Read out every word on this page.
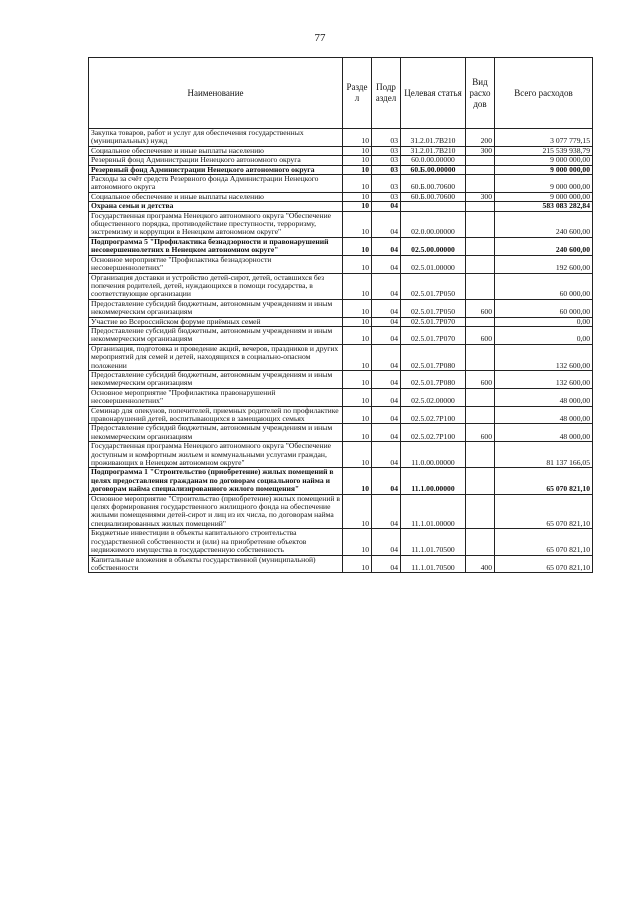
77
Наименование	Разде л	Подр аздел	Целевая статья	Вид расхо дов	Всего расходов
Закупка товаров, работ и услуг для обеспечения государственных (муниципальных) нужд	10	03	31.2.01.7В210	200	3 077 779,15
Социальное обеспечение и иные выплаты населению	10	03	31.2.01.7В210	300	215 539 938,79
Резервный фонд Администрации Ненецкого автономного округа	10	03	60.0.00.00000		9 000 000,00
Резервный фонд Администрации Ненецкого автономного округа	10	03	60.Б.00.00000		9 000 000,00
Расходы за счёт средств Резервного фонда Администрации Ненецкого автономного округа	10	03	60.Б.00.70600		9 000 000,00
Социальное обеспечение и иные выплаты населению	10	03	60.Б.00.70600	300	9 000 000,00
Охрана семьи и детства	10	04			583 083 282,84
Государственная программа Ненецкого автономного округа "Обеспечение общественного порядка, противодействие преступности, терроризму, экстремизму и коррупции в Ненецком автономном округе"	10	04	02.0.00.00000		240 600,00
Подпрограмма 5 "Профилактика безнадзорности и правонарушений несовершеннолетних в Ненецком автономном округе"	10	04	02.5.00.00000		240 600,00
Основное мероприятие "Профилактика безнадзорности несовершеннолетних"	10	04	02.5.01.00000		192 600,00
Организация доставки и устройство детей-сирот, детей, оставшихся без попечения родителей, детей, нуждающихся в помощи государства, в соответствующие организации	10	04	02.5.01.7Р050		60 000,00
Предоставление субсидий бюджетным, автономным учреждениям и иным некоммерческим организациям	10	04	02.5.01.7Р050	600	60 000,00
Участие во Всероссийском форуме приёмных семей	10	04	02.5.01.7Р070		0,00
Предоставление субсидий бюджетным, автономным учреждениям и иным некоммерческим организациям	10	04	02.5.01.7Р070	600	0,00
Организация, подготовка и проведение акций, вечеров, праздников и других мероприятий для семей и детей, находящихся в социально-опасном положении	10	04	02.5.01.7Р080		132 600,00
Предоставление субсидий бюджетным, автономным учреждениям и иным некоммерческим организациям	10	04	02.5.01.7Р080	600	132 600,00
Основное мероприятие "Профилактика правонарушений несовершеннолетних"	10	04	02.5.02.00000		48 000,00
Семинар для опекунов, попечителей, приемных родителей по профилактике правонарушений детей, воспитывающихся в замещающих семьях	10	04	02.5.02.7Р100		48 000,00
Предоставление субсидий бюджетным, автономным учреждениям и иным некоммерческим организациям	10	04	02.5.02.7Р100	600	48 000,00
Государственная программа Ненецкого автономного округа "Обеспечение доступным и комфортным жильем и коммунальными услугами граждан, проживающих в Ненецком автономном округе"	10	04	11.0.00.00000		81 137 166,05
Подпрограмма 1 "Строительство (приобретение) жилых помещений в целях предоставления гражданам по договорам социального найма и договорам найма специализированного жилого помещения"	10	04	11.1.00.00000		65 070 821,10
Основное мероприятие "Строительство (приобретение) жилых помещений в целях формирования государственного жилищного фонда на обеспечение жилыми помещениями детей-сирот и лиц из их числа, по договорам найма специализированных жилых помещений"	10	04	11.1.01.00000		65 070 821,10
Бюджетные инвестиции в объекты капитального строительства государственной собственности и (или) на приобретение объектов недвижимого имущества в государственную собственность	10	04	11.1.01.70500		65 070 821,10
Капитальные вложения в объекты государственной (муниципальной) собственности	10	04	11.1.01.70500	400	65 070 821,10
